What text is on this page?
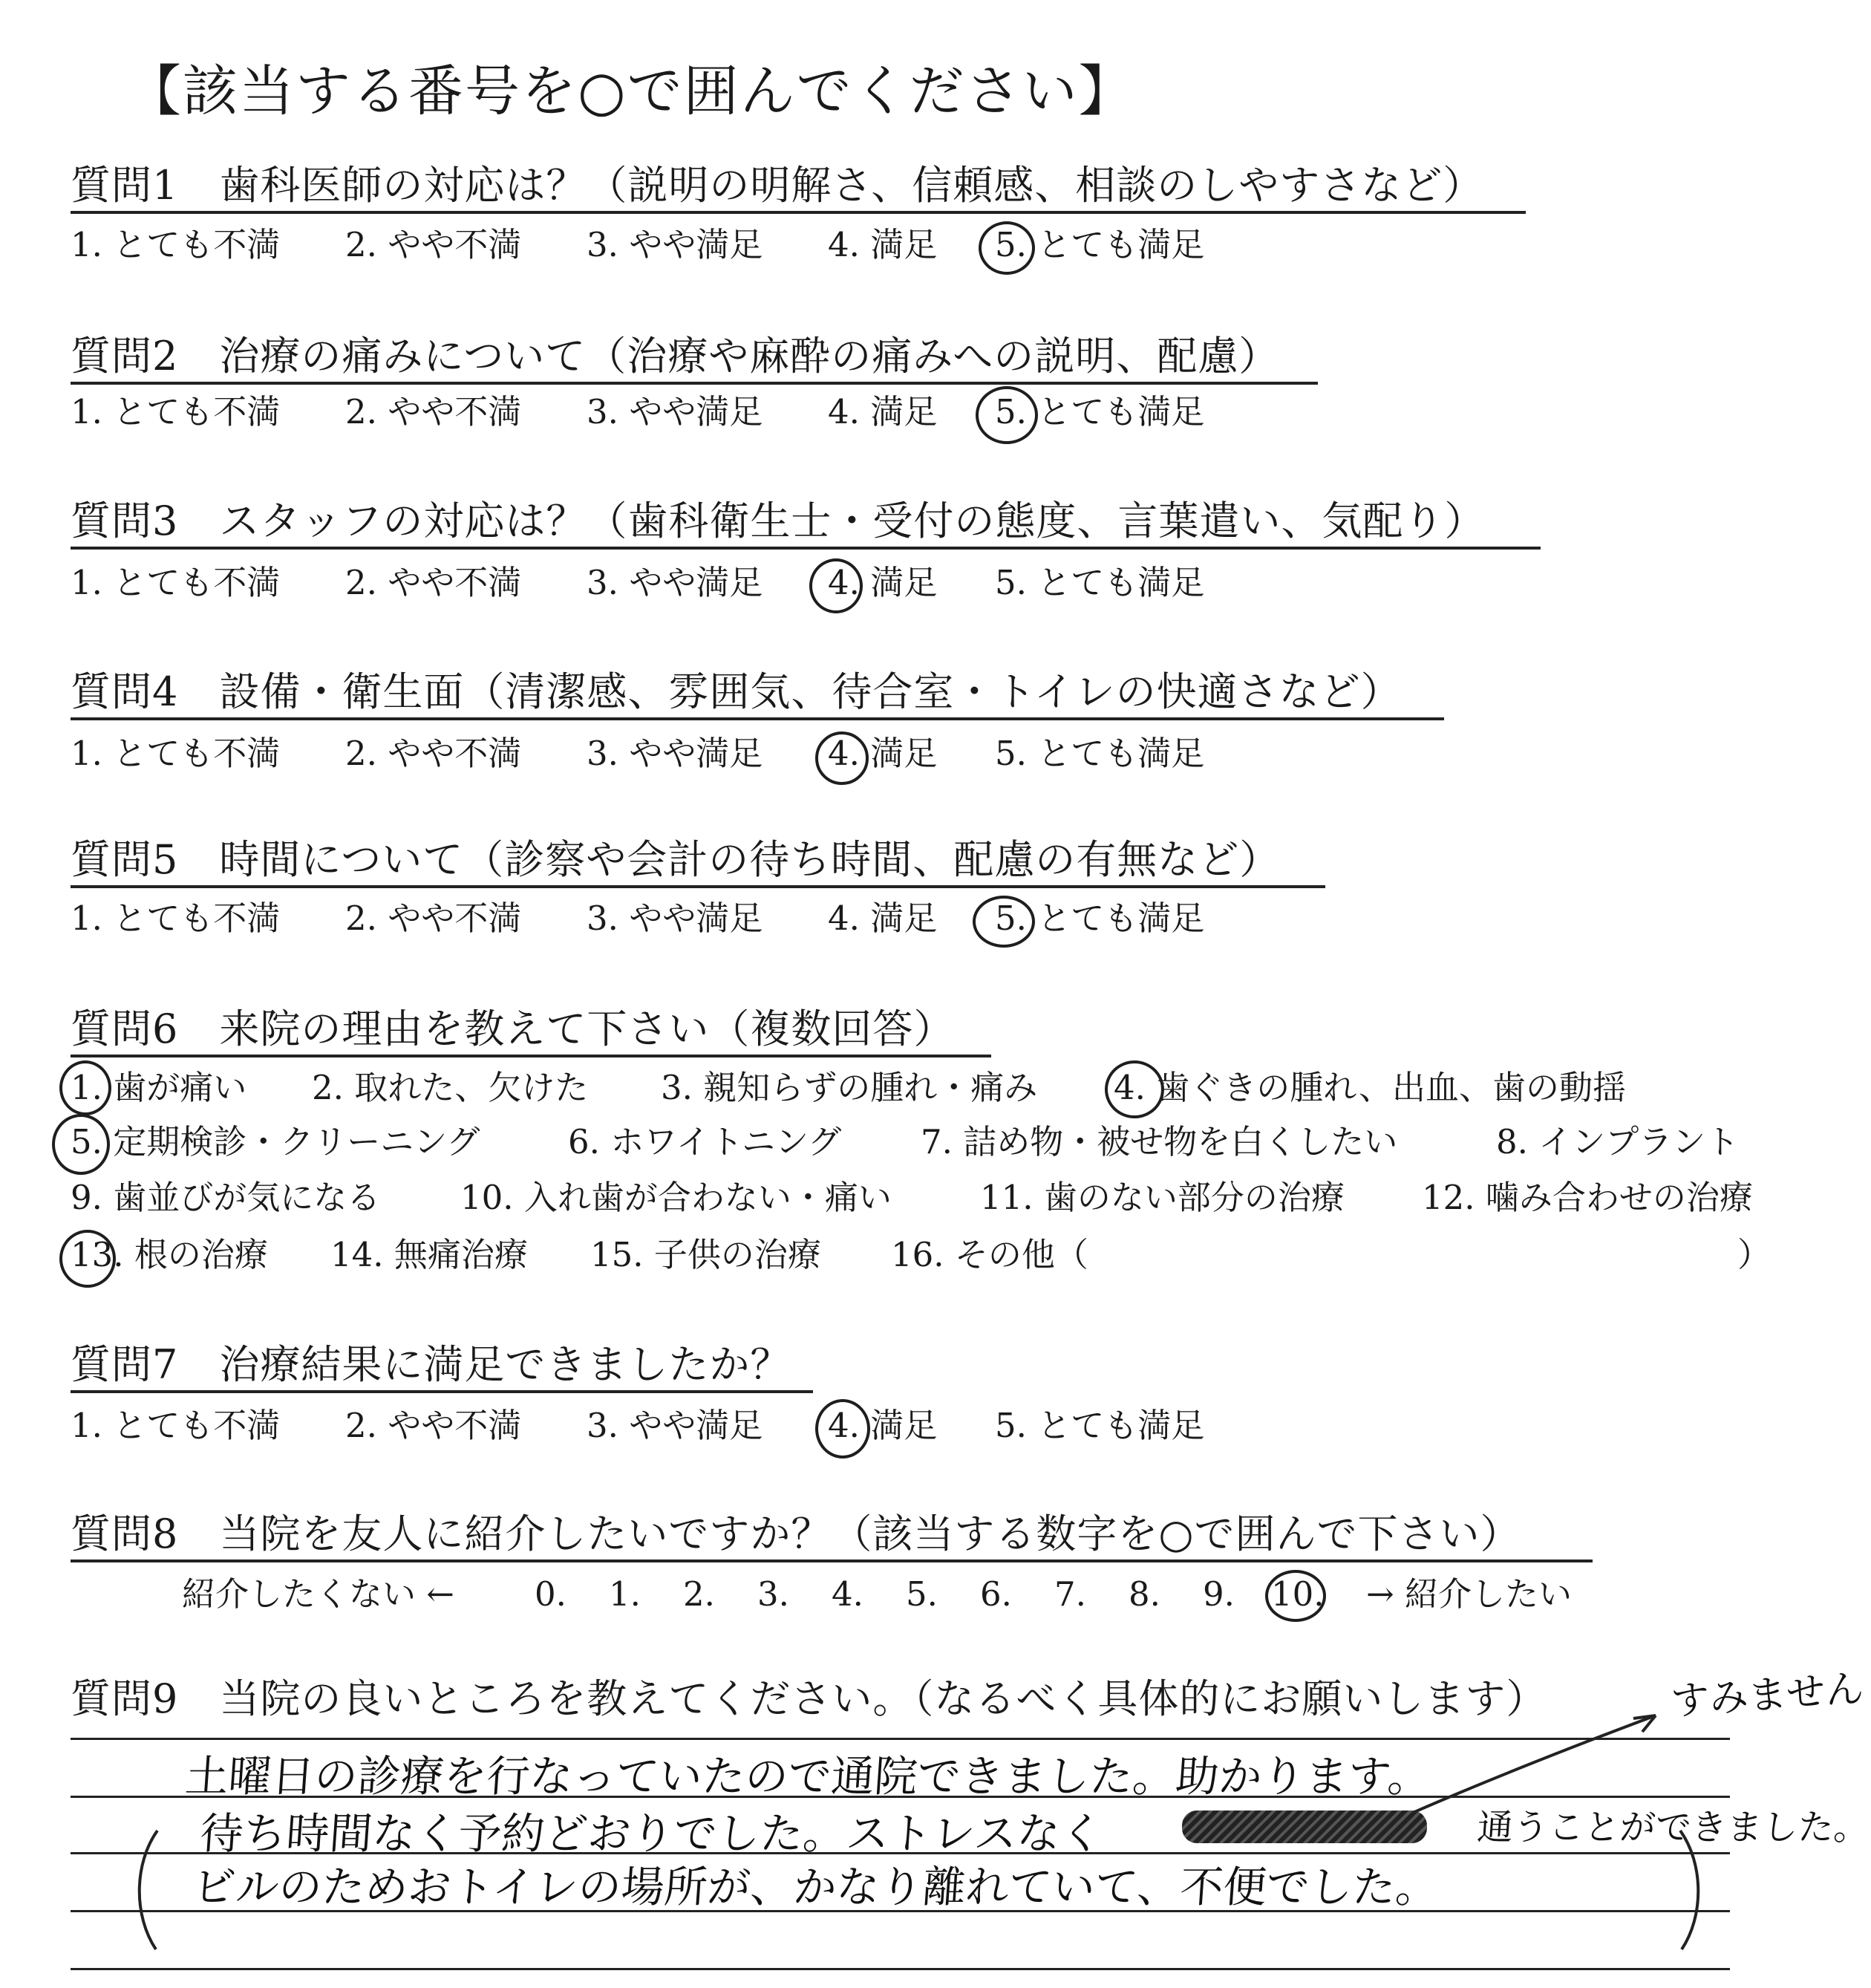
【該当する番号を○で囲んでください】
質問1　歯科医師の対応は？（説明の明解さ、信頼感、相談のしやすさなど）
1. とても不満 2. やや不満 3. やや満足 4. 満足 5. とても満足
質問2　治療の痛みについて（治療や麻酔の痛みへの説明、配慮）
1. とても不満 2. やや不満 3. やや満足 4. 満足 5. とても満足
質問3　スタッフの対応は？（歯科衛生士・受付の態度、言葉遣い、気配り）
1. とても不満 2. やや不満 3. やや満足 4. 満足 5. とても満足
質問4　設備・衛生面（清潔感、雰囲気、待合室・トイレの快適さなど）
1. とても不満 2. やや不満 3. やや満足 4. 満足 5. とても満足
質問5　時間について（診察や会計の待ち時間、配慮の有無など）
1. とても不満 2. やや不満 3. やや満足 4. 満足 5. とても満足
質問6　来院の理由を教えて下さい（複数回答）
1. 歯が痛い 2. 取れた、欠けた 3. 親知らずの腫れ・痛み 4. 歯ぐきの腫れ、出血、歯の動揺
5. 定期検診・クリーニング	6. ホワイトニング 7. 詰め物・被せ物を白くしたい	8. インプラント
9. 歯並びが気になる 10. 入れ歯が合わない・痛い	11. 歯のない部分の治療 12. 噛み合わせの治療
13. 根の治療 14. 無痛治療 15. 子供の治療 16. その他（	）
質問7　治療結果に満足できましたか？
1. とても不満 2. やや不満 3. やや満足 4. 満足 5. とても満足
質問8　当院を友人に紹介したいですか？（該当する数字を○で囲んで下さい）
紹介したくない ← 0. 1. 2. 3. 4. 5. 6. 7. 8. 9. 10. → 紹介したい
質問9　当院の良いところを教えてください。（なるべく具体的にお願いします）	すみません
土曜日の診療を行なっていたので通院できました。助かります。
待ち時間なく予約どおりでした。ストレスなく	通うことができました。
ビルのためおトイレの場所が、かなり離れていて、不便でした。
